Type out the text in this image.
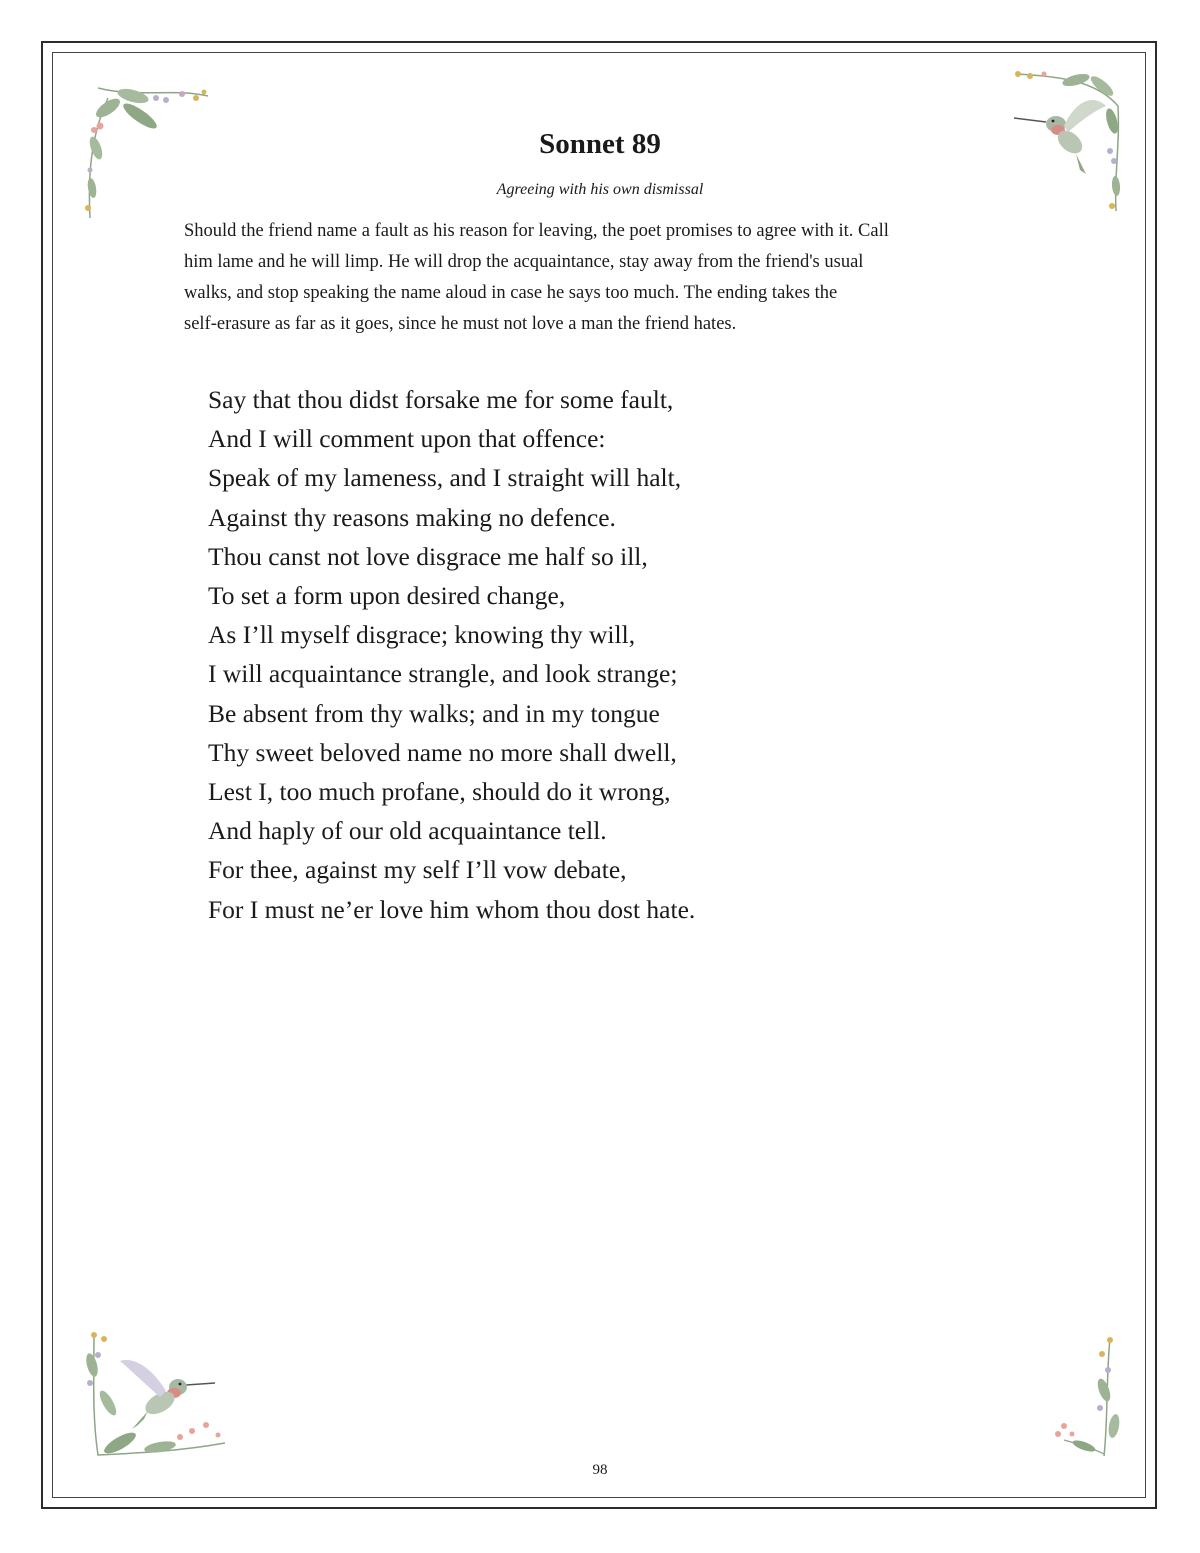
Sonnet 89

Agreeing with his own dismissal

Should the friend name a fault as his reason for leaving, the poet promises to agree with it. Call
him lame and he will limp. He will drop the acquaintance, stay away from the friend's usual
walks, and stop speaking the name aloud in case he says too much. The ending takes the
self-erasure as far as it goes, since he must not love a man the friend hates.

Say that thou didst forsake me for some fault,
And I will comment upon that offence:
Speak of my lameness, and I straight will halt,
Against thy reasons making no defence.
Thou canst not love disgrace me half so ill,
To set a form upon desired change,
As I’ll myself disgrace; knowing thy will,
I will acquaintance strangle, and look strange;
Be absent from thy walks; and in my tongue
Thy sweet beloved name no more shall dwell,
Lest I, too much profane, should do it wrong,
And haply of our old acquaintance tell.
For thee, against my self I’ll vow debate,
For I must ne’er love him whom thou dost hate.
98
